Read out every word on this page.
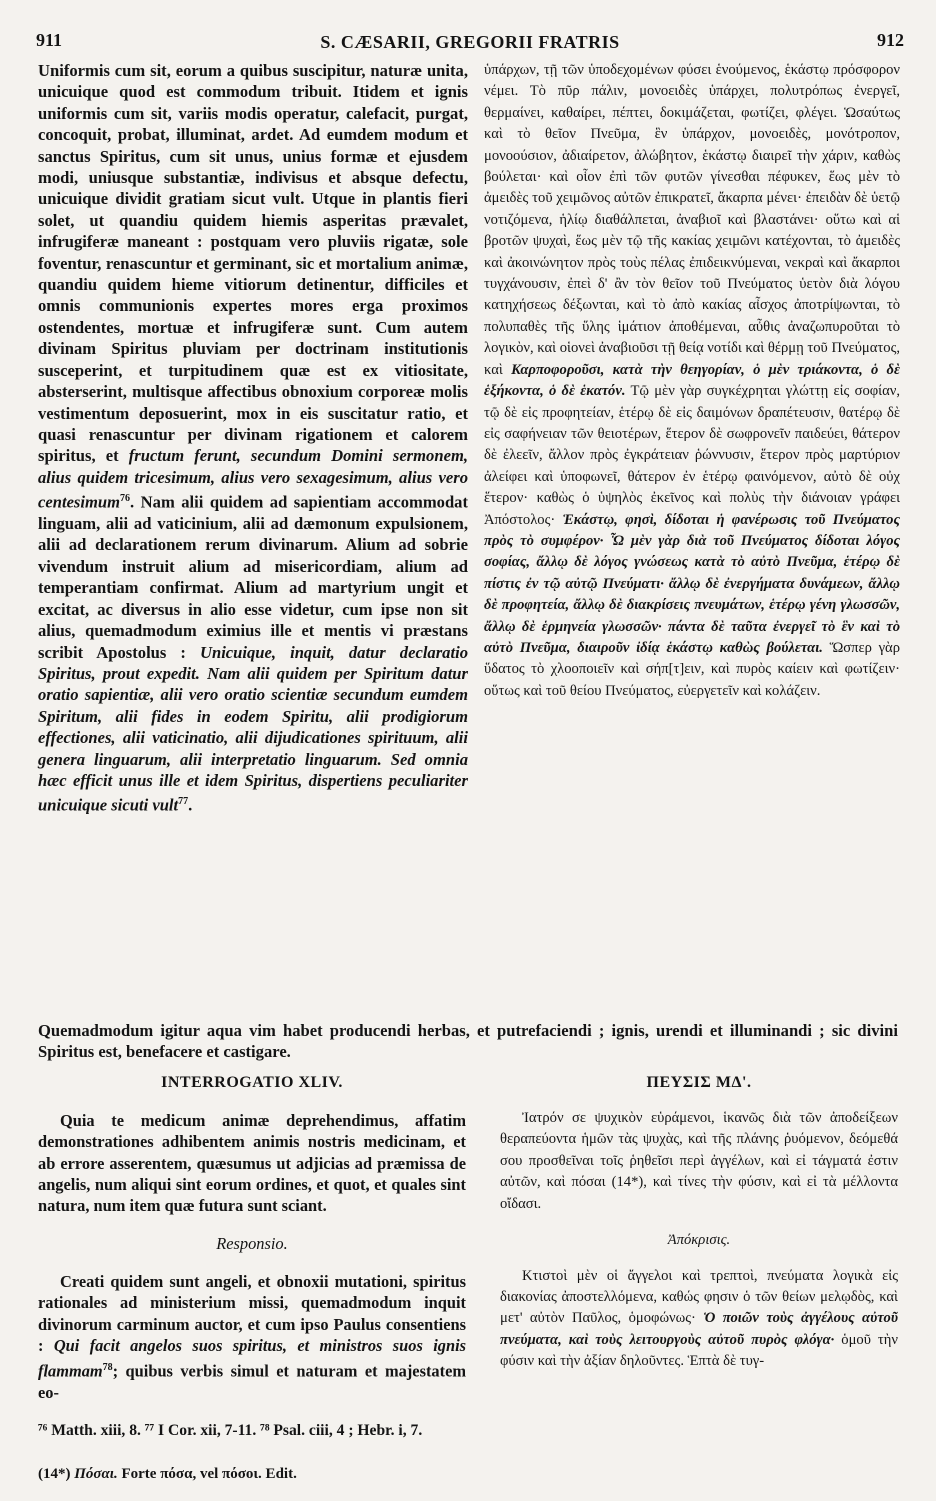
911	S. CÆSARII, GREGORII FRATRIS	912

Uniformis cum sit, eorum a quibus suscipitur, naturæ unita, unicuique quod est commodum tribuit. Itidem et ignis uniformis cum sit, variis modis operatur, calefacit, purgat, concoquit, probat, illuminat, ardet. Ad eumdem modum et sanctus Spiritus, cum sit unus, unius formæ et ejusdem modi, uniusque substantiæ, indivisus et absque defectu, unicuique dividit gratiam sicut vult. Utque in plantis fieri solet, ut quandiu quidem hiemis asperitas prævalet, infrugiferæ maneant : postquam vero pluviis rigatæ, sole foventur, renascuntur et germinant, sic et mortalium animæ, quandiu quidem hieme vitiorum detinentur, difficiles et omnis communionis expertes mores erga proximos ostendentes, mortuæ et infrugiferæ sunt. Cum autem divinam Spiritus pluviam per doctrinam institutionis susceperint, et turpitudinem quæ est ex vitiositate, absterserint, multisque affectibus obnoxium corporeæ molis vestimentum deposuerint, mox in eis suscitatur ratio, et quasi renascuntur per divinam rigationem et calorem spiritus, et fructum ferunt, secundum Domini sermonem, alius quidem tricesimum, alius vero sexagesimum, alius vero centesimum$^{76}$. Nam alii quidem ad sapientiam accommodat linguam, alii ad vaticinium, alii ad dæmonum expulsionem, alii ad declarationem rerum divinarum. Alium ad sobrie vivendum instruit alium ad misericordiam, alium ad temperantiam confirmat. Alium ad martyrium ungit et excitat, ac diversus in alio esse videtur, cum ipse non sit alius, quemadmodum eximius ille et mentis vi præstans scribit Apostolus : Unicuique, inquit, datur declaratio Spiritus, prout expedit. Nam alii quidem per Spiritum datur oratio sapientiæ, alii vero oratio scientiæ secundum eumdem Spiritum, alii fides in eodem Spiritu, alii prodigiorum effectiones, alii vaticinatio, alii dijudicationes spirituum, alii genera linguarum, alii interpretatio linguarum. Sed omnia hæc efficit unus ille et idem Spiritus, dispertiens peculiariter unicuique sicuti vult$^{77}$.

ὑπάρχων, τῇ τῶν ὑποδεχομένων φύσει ἑνούμενος, ἑκάστῳ πρόσφορον νέμει. Τὸ πῦρ πάλιν, μονοειδὲς ὑπάρχει, πολυτρόπως ἐνεργεῖ, θερμαίνει, καθαίρει, πέπτει, δοκιμάζεται, φωτίζει, φλέγει. Ὡσαύτως καὶ τὸ θεῖον Πνεῦμα, ἓν ὑπάρχον, μονοειδὲς, μονότροπον, μονοούσιον, ἀδιαίρετον, ἀλώβητον, ἑκάστῳ διαιρεῖ τὴν χάριν, καθὼς βούλεται· καὶ οἷον ἐπὶ τῶν φυτῶν γίνεσθαι πέφυκεν, ἕως μὲν τὸ ἀμειδὲς τοῦ χειμῶνος αὐτῶν ἐπικρατεῖ, ἄκαρπα μένει· ἐπειδὰν δὲ ὑετῷ νοτιζόμενα, ἡλίῳ διαθάλπεται, ἀναβιοῖ καὶ βλαστάνει· οὕτω καὶ αἱ βροτῶν ψυχαὶ, ἕως μὲν τῷ τῆς κακίας χειμῶνι κατέχονται, τὸ ἀμειδὲς καὶ ἀκοινώνητον πρὸς τοὺς πέλας ἐπιδεικνύμεναι, νεκραὶ καὶ ἄκαρποι τυγχάνουσιν, ἐπεὶ δ' ἂν τὸν θεῖον τοῦ Πνεύματος ὑετὸν διὰ λόγου κατηχήσεως δέξωνται, καὶ τὸ ἀπὸ κακίας αἶσχος ἀποτρίψωνται, τὸ πολυπαθὲς τῆς ὕλης ἱμάτιον ἀποθέμεναι, αὖθις ἀναζωπυροῦται τὸ λογικὸν, καὶ οἱονεὶ ἀναβιοῦσι τῇ θείᾳ νοτίδι καὶ θέρμῃ τοῦ Πνεύματος, καὶ Καρποφοροῦσι, κατὰ τὴν θεηγορίαν, ὁ μὲν τριάκοντα, ὁ δὲ ἑξήκοντα, ὁ δὲ ἑκατόν. Τῷ μὲν γὰρ συγκέχρηται γλώττῃ εἰς σοφίαν, τῷ δὲ εἰς προφητείαν, ἑτέρῳ δὲ εἰς δαιμόνων δραπέτευσιν, θατέρῳ δὲ εἰς σαφήνειαν τῶν θειοτέρων, ἕτερον δὲ σωφρονεῖν παιδεύει, θάτερον δὲ ἐλεεῖν, ἄλλον πρὸς ἐγκράτειαν ῥώννυσιν, ἕτερον πρὸς μαρτύριον ἀλείφει καὶ ὑποφωνεῖ, θάτερον ἐν ἑτέρῳ φαινόμενον, αὐτὸ δὲ οὐχ ἕτερον· καθὼς ὁ ὑψηλὸς ἐκεῖνος καὶ πολὺς τὴν διάνοιαν γράφει Ἀπόστολος· Ἑκάστῳ, φησὶ, δίδοται ἡ φανέρωσις τοῦ Πνεύματος πρὸς τὸ συμφέρον· Ὧ μὲν γὰρ διὰ τοῦ Πνεύματος δίδοται λόγος σοφίας, ἄλλῳ δὲ λόγος γνώσεως κατὰ τὸ αὐτὸ Πνεῦμα, ἑτέρῳ δὲ πίστις ἐν τῷ αὐτῷ Πνεύματι· ἄλλῳ δὲ ἐνεργήματα δυνάμεων, ἄλλῳ δὲ προφητεία, ἄλλῳ δὲ διακρίσεις πνευμάτων, ἑτέρῳ γένη γλωσσῶν, ἄλλῳ δὲ ἑρμηνεία γλωσσῶν· πάντα δὲ ταῦτα ἐνεργεῖ τὸ ἓν καὶ τὸ αὐτὸ Πνεῦμα, διαιροῦν ἰδίᾳ ἑκάστῳ καθὼς βούλεται. Ὥσπερ γὰρ ὕδατος τὸ χλοοποιεῖν καὶ σήπ[τ]ειν, καὶ πυρὸς καίειν καὶ φωτίζειν· οὕτως καὶ τοῦ θείου Πνεύματος, εὐεργετεῖν καὶ κολάζειν.

Quemadmodum igitur aqua vim habet producendi herbas, et putrefaciendi ; ignis, urendi et illuminandi ; sic divini Spiritus est, benefacere et castigare.
INTERROGATIO XLIV.

Quia te medicum animæ deprehendimus, affatim demonstrationes adhibentem animis nostris medicinam, et ab errore asserentem, quæsumus ut adjicias ad præmissa de angelis, num aliqui sint eorum ordines, et quot, et quales sint natura, num item quæ futura sunt sciant.

Responsio.

Creati quidem sunt angeli, et obnoxii mutationi, spiritus rationales ad ministerium missi, quemadmodum inquit divinorum carminum auctor, et cum ipso Paulus consentiens : Qui facit angelos suos spiritus, et ministros suos ignis flammam$^{78}$; quibus verbis simul et naturam et majestatem eo-

ΠΕΥΣΙΣ ΜΔ'.

Ἰατρόν σε ψυχικὸν εὑράμενοι, ἱκανῶς διὰ τῶν ἀποδείξεων θεραπεύοντα ἡμῶν τὰς ψυχὰς, καὶ τῆς πλάνης ῥυόμενον, δεόμεθά σου προσθεῖναι τοῖς ῥηθεῖσι περὶ ἀγγέλων, καὶ εἰ τάγματά ἐστιν αὐτῶν, καὶ πόσαι (14*), καὶ τίνες τὴν φύσιν, καὶ εἰ τὰ μέλλοντα οἴδασι.

Ἀπόκρισις.

Κτιστοὶ μὲν οἱ ἄγγελοι καὶ τρεπτοὶ, πνεύματα λογικὰ εἰς διακονίας ἀποστελλόμενα, καθώς φησιν ὁ τῶν θείων μελῳδὸς, καὶ μετ' αὐτὸν Παῦλος, ὁμοφώνως· Ὁ ποιῶν τοὺς ἀγγέλους αὐτοῦ πνεύματα, καὶ τοὺς λειτουργοὺς αὐτοῦ πυρὸς φλόγα· ὁμοῦ τὴν φύσιν καὶ τὴν ἀξίαν δηλοῦντες. Ἑπτὰ δὲ τυγ-

⁷⁶ Matth. xiii, 8. ⁷⁷ I Cor. xii, 7-11. ⁷⁸ Psal. ciii, 4 ; Hebr. i, 7.
(14*) Πόσαι. Forte πόσα, vel πόσοι. Edit.
